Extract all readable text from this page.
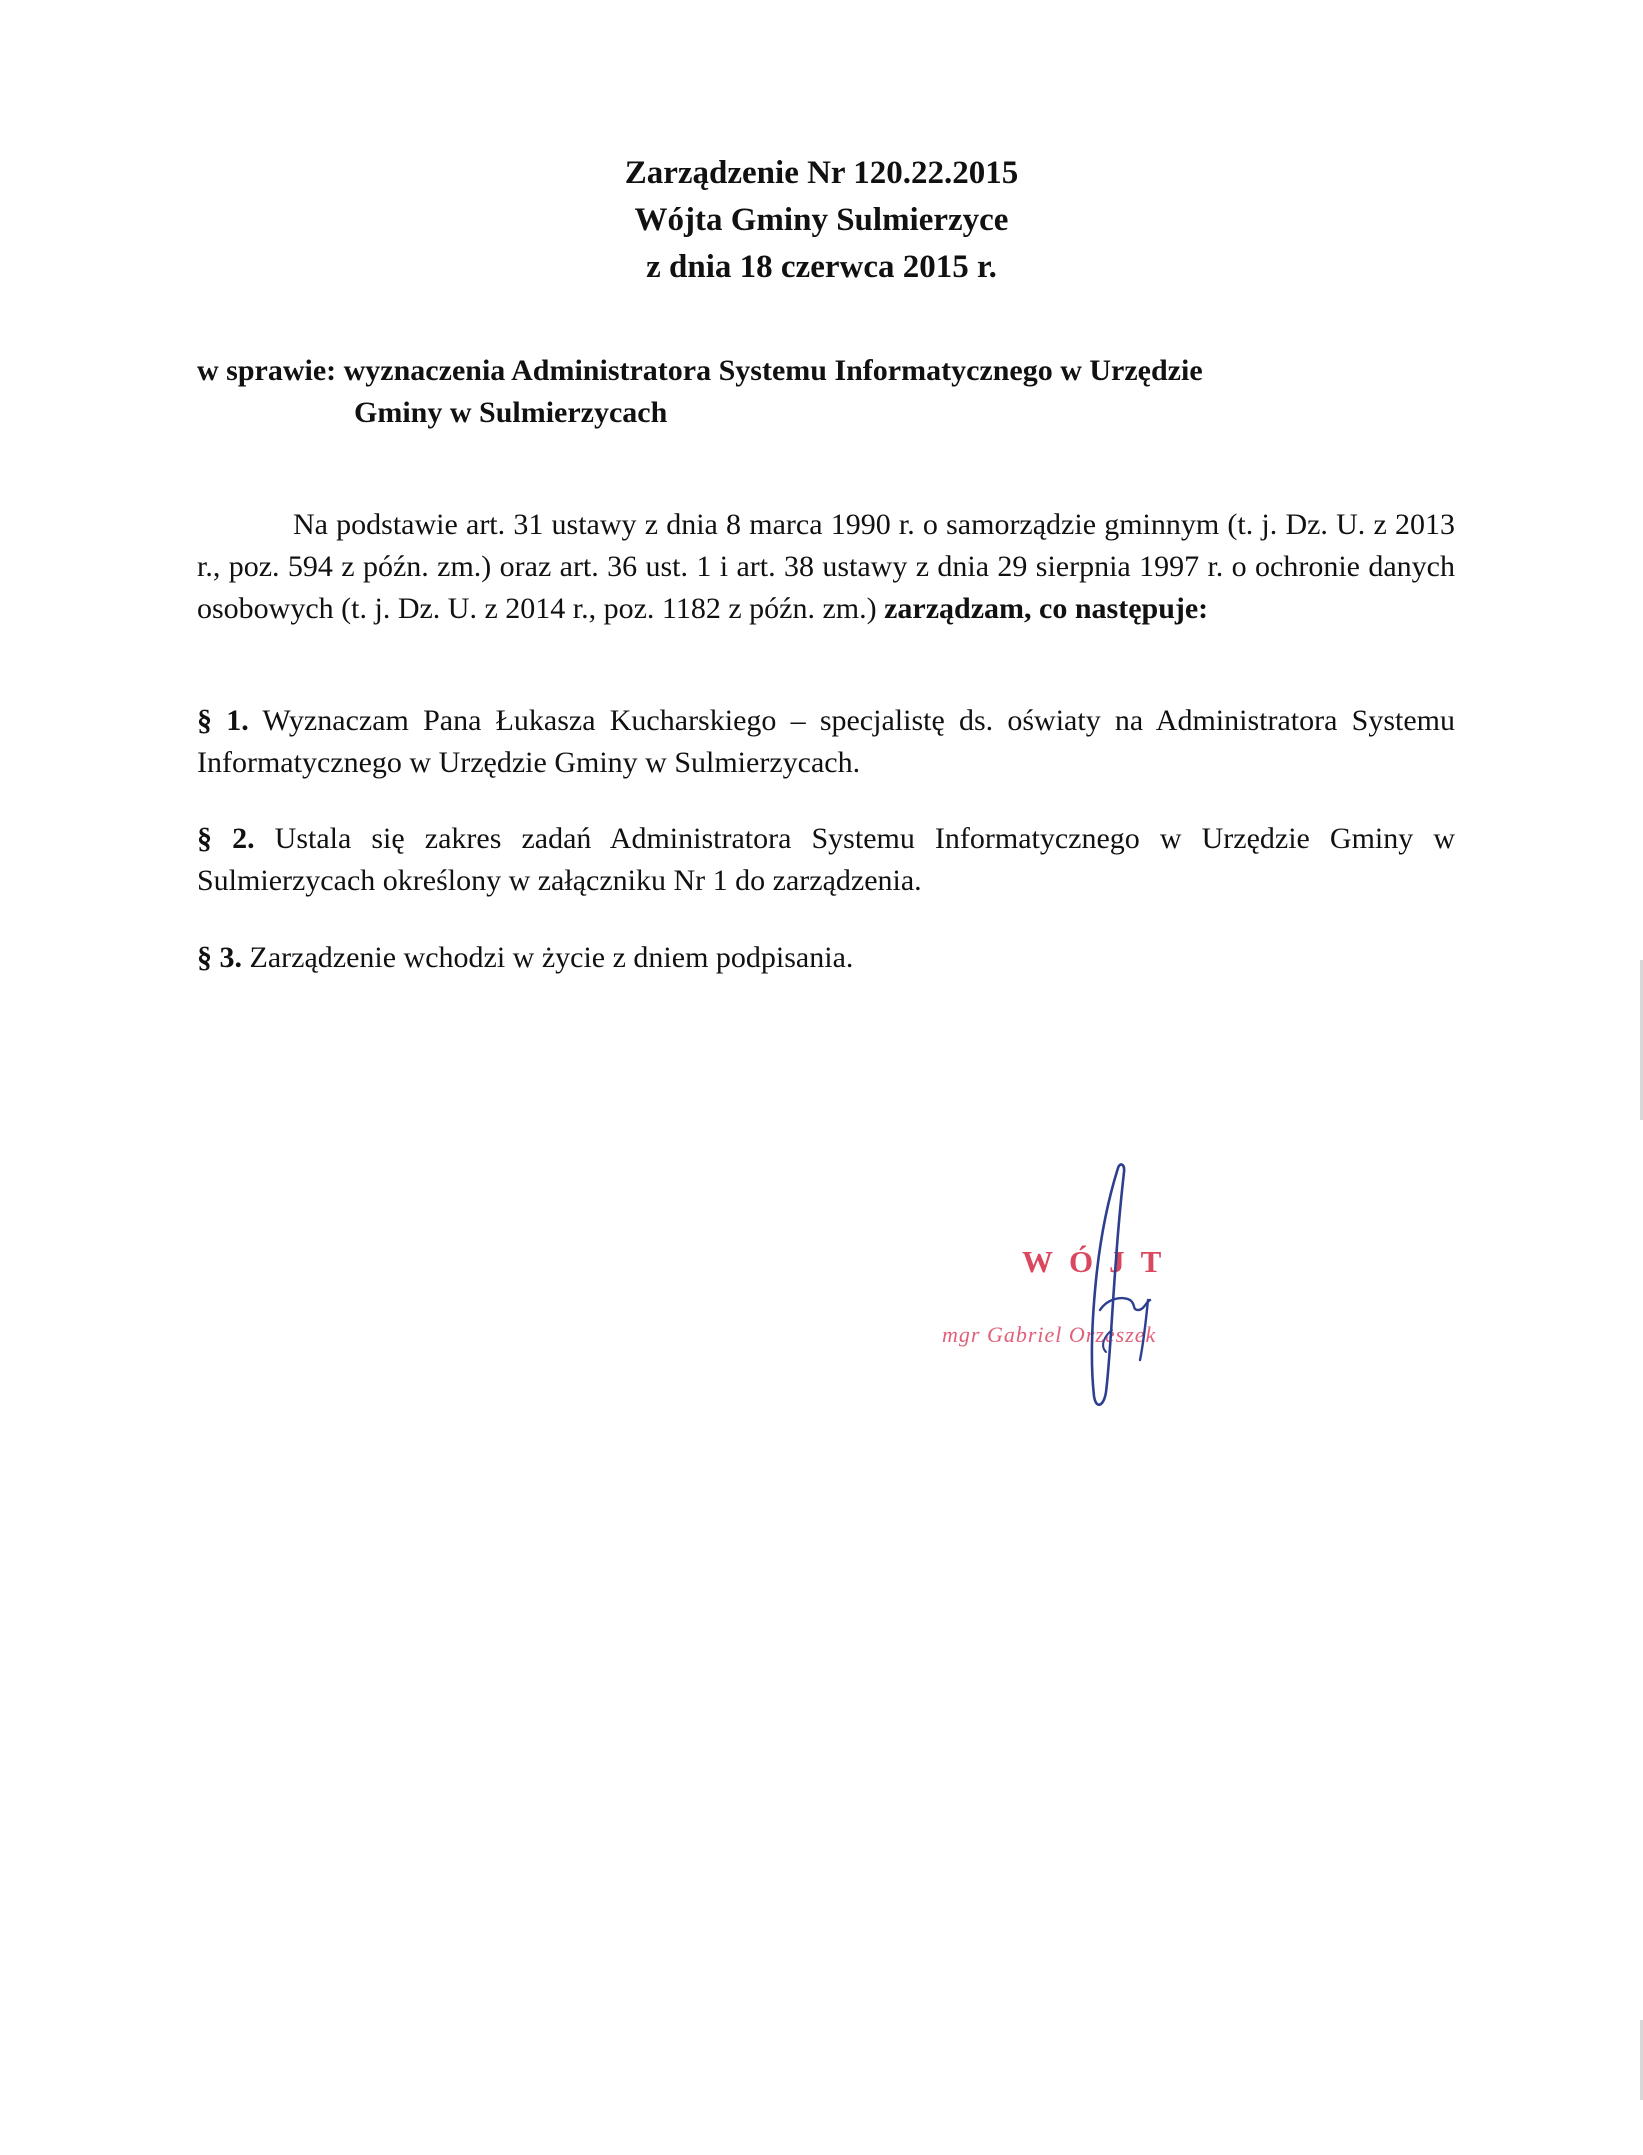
Zarządzenie Nr 120.22.2015
Wójta Gminy Sulmierzyce
z dnia 18 czerwca 2015 r.
w sprawie: wyznaczenia Administratora Systemu Informatycznego w Urzędzie
Gminy w Sulmierzycach
Na podstawie art. 31 ustawy z dnia 8 marca 1990 r. o samorządzie gminnym (t. j. Dz. U. z 2013 r., poz. 594 z późn. zm.) oraz art. 36 ust. 1 i art. 38 ustawy z dnia 29 sierpnia 1997 r. o ochronie danych osobowych (t. j. Dz. U. z 2014 r., poz. 1182 z późn. zm.) zarządzam, co następuje:
§ 1. Wyznaczam Pana Łukasza Kucharskiego – specjalistę ds. oświaty na Administratora Systemu Informatycznego w Urzędzie Gminy w Sulmierzycach.
§ 2. Ustala się zakres zadań Administratora Systemu Informatycznego w Urzędzie Gminy w Sulmierzycach określony w załączniku Nr 1 do zarządzenia.
§ 3. Zarządzenie wchodzi w życie z dniem podpisania.
WÓJT
mgr Gabriel Orzeszek
